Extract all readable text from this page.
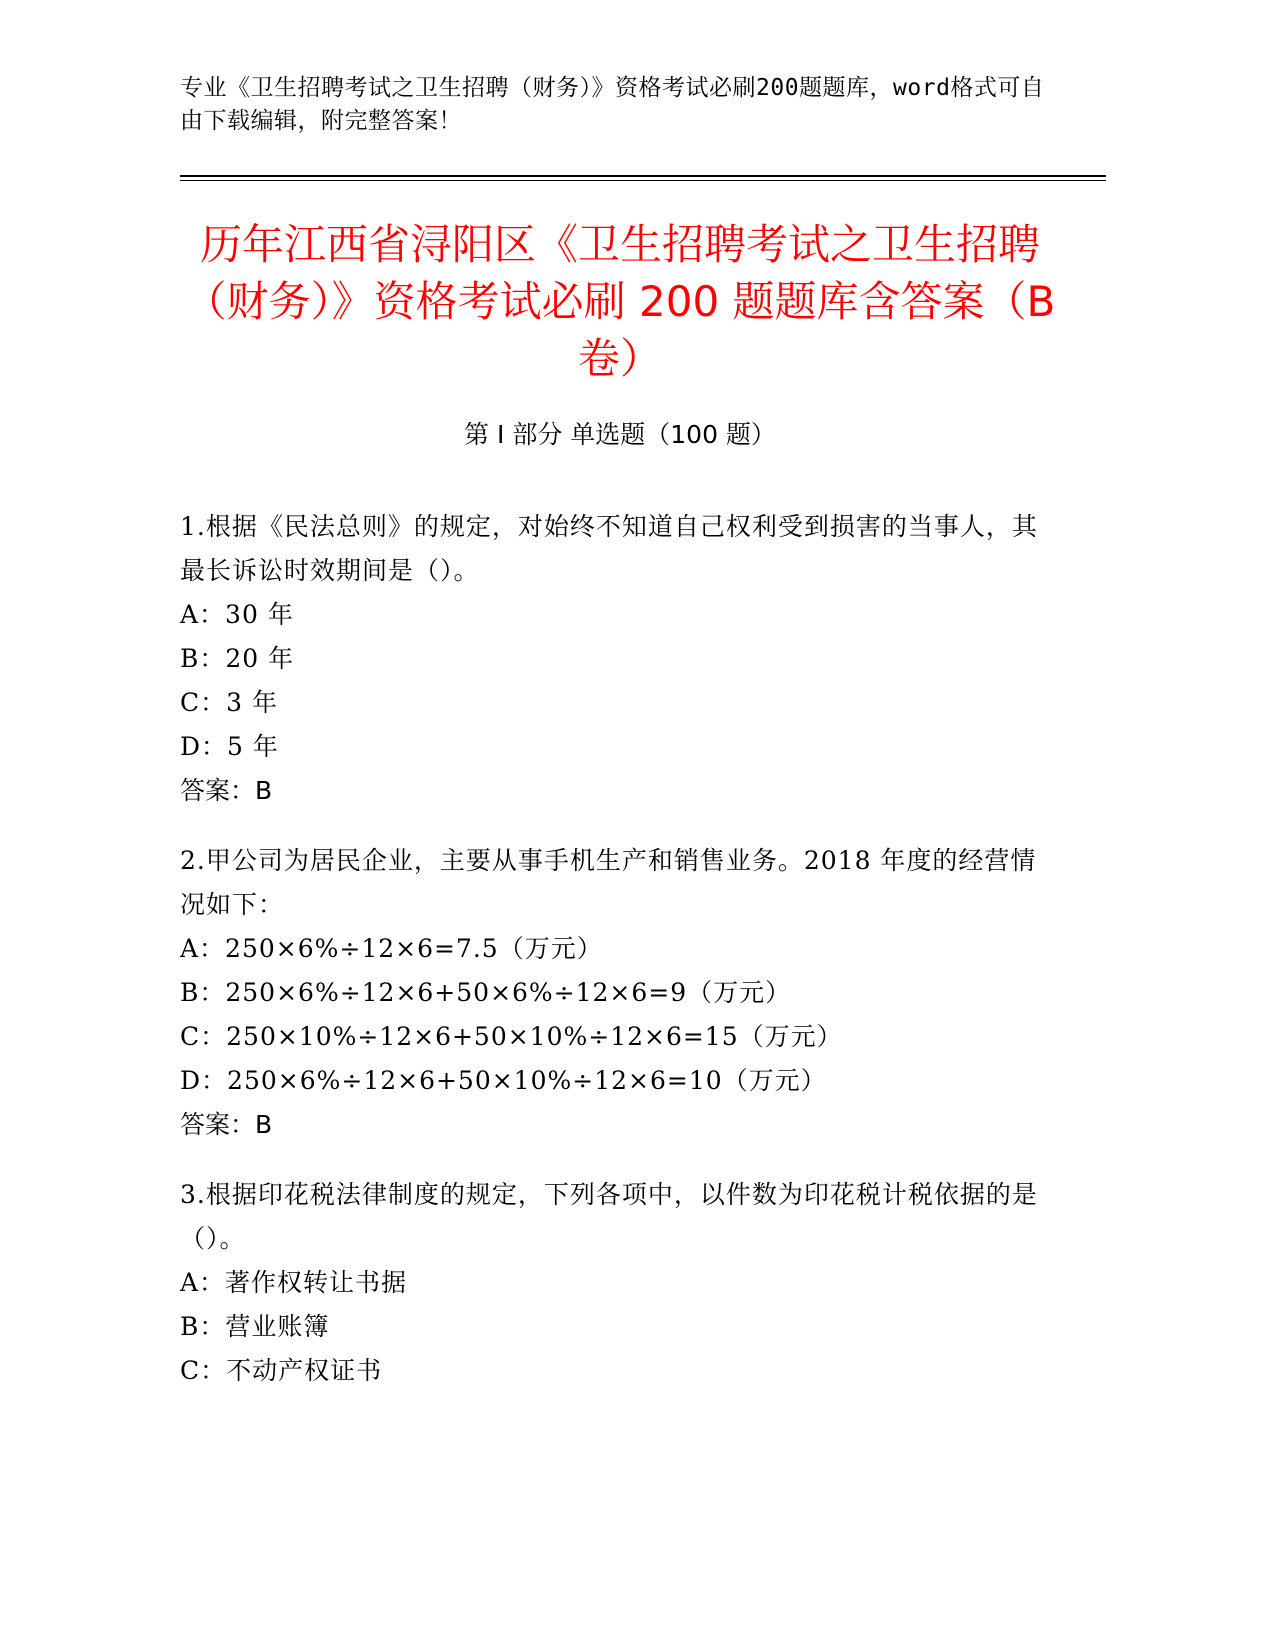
专业《卫生招聘考试之卫生招聘（财务）》资格考试必刷200题题库，word格式可自由下载编辑，附完整答案！
历年江西省浔阳区《卫生招聘考试之卫生招聘（财务）》资格考试必刷 200 题题库含答案（B 卷）
第 I 部分 单选题（100 题）
1.根据《民法总则》的规定，对始终不知道自己权利受到损害的当事人，其最长诉讼时效期间是（）。
A：30 年
B：20 年
C：3 年
D：5 年
答案：B
2.甲公司为居民企业，主要从事手机生产和销售业务。2018 年度的经营情况如下：
A：250×6%÷12×6=7.5（万元）
B：250×6%÷12×6+50×6%÷12×6=9（万元）
C：250×10%÷12×6+50×10%÷12×6=15（万元）
D：250×6%÷12×6+50×10%÷12×6=10（万元）
答案：B
3.根据印花税法律制度的规定，下列各项中，以件数为印花税计税依据的是（）。
A：著作权转让书据
B：营业账簿
C：不动产权证书
